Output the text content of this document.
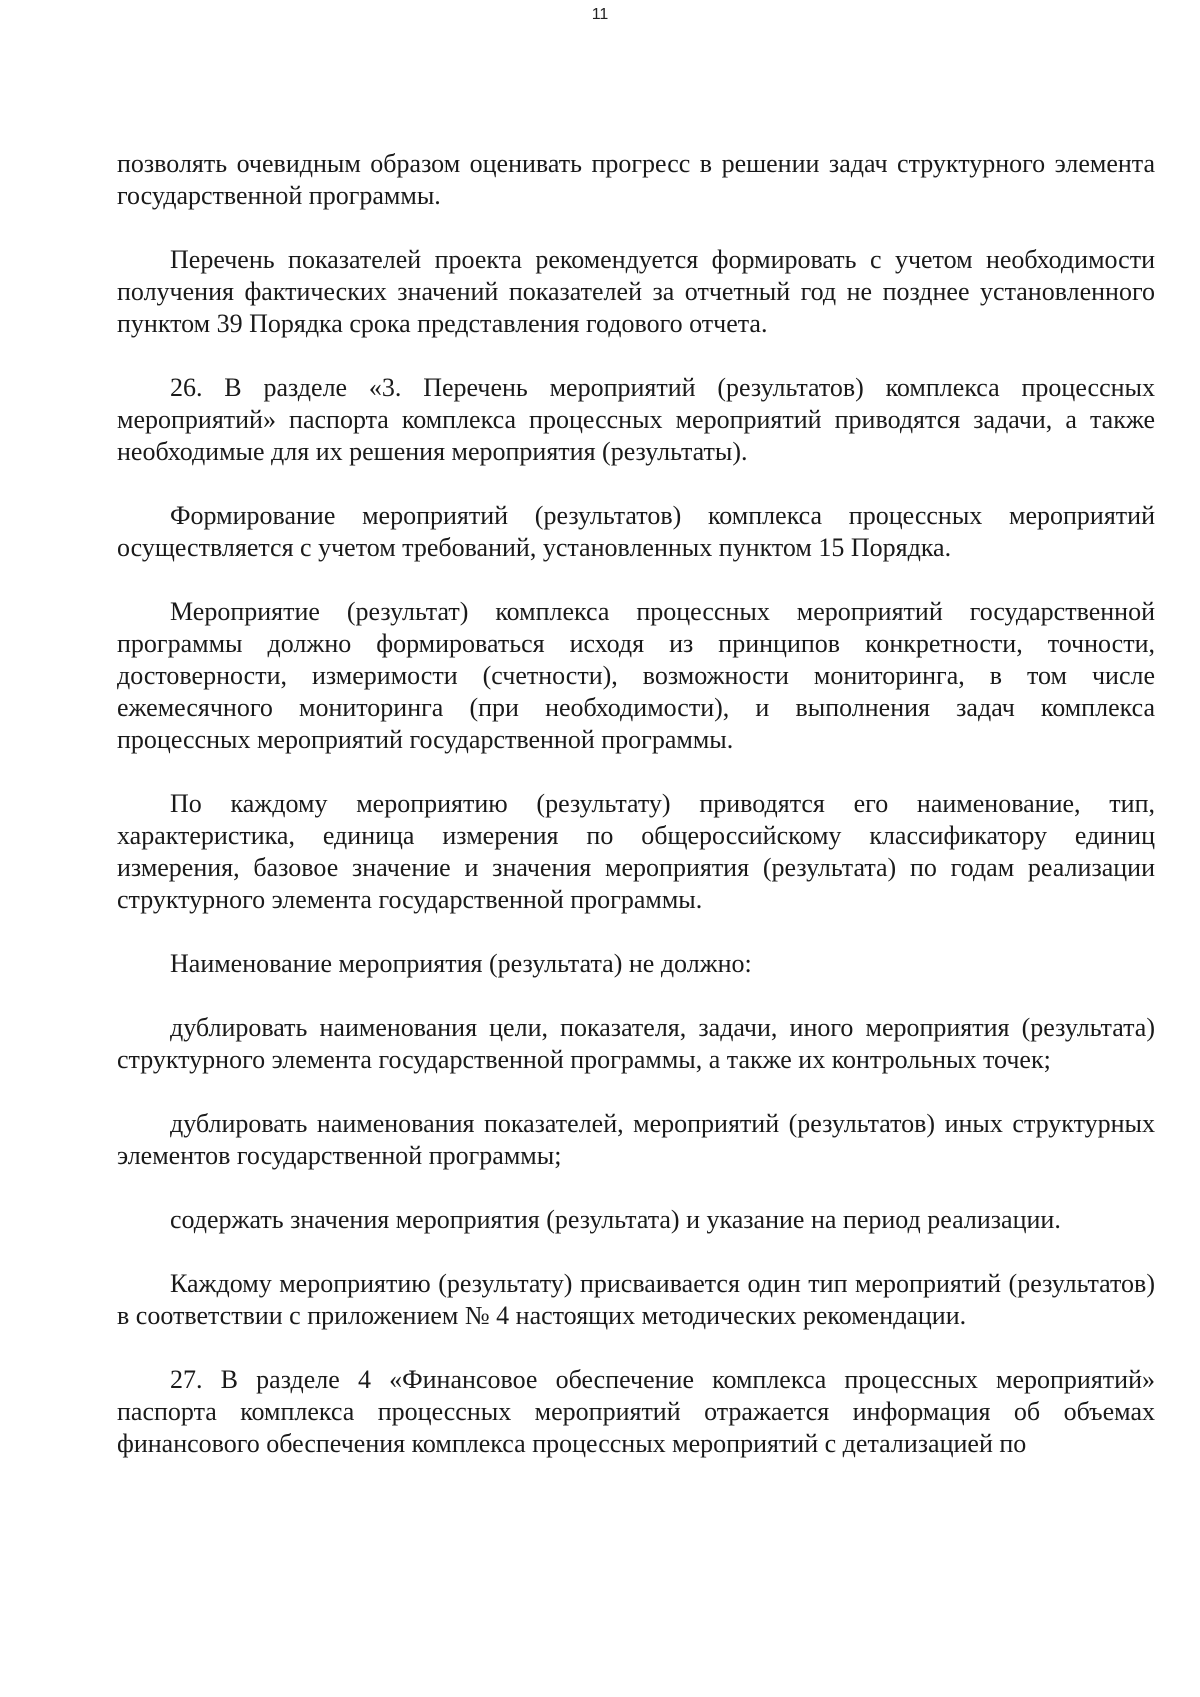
11

позволять очевидным образом оценивать прогресс в решении задач структурного элемента государственной программы.

Перечень показателей проекта рекомендуется формировать с учетом необходимости получения фактических значений показателей за отчетный год не позднее установленного пунктом 39 Порядка срока представления годового отчета.

26. В разделе «3. Перечень мероприятий (результатов) комплекса процессных мероприятий» паспорта комплекса процессных мероприятий приводятся задачи, а также необходимые для их решения мероприятия (результаты).

Формирование мероприятий (результатов) комплекса процессных мероприятий осуществляется с учетом требований, установленных пунктом 15 Порядка.

Мероприятие (результат) комплекса процессных мероприятий государственной программы должно формироваться исходя из принципов конкретности, точности, достоверности, измеримости (счетности), возможности мониторинга, в том числе ежемесячного мониторинга (при необходимости), и выполнения задач комплекса процессных мероприятий государственной программы.

По каждому мероприятию (результату) приводятся его наименование, тип, характеристика, единица измерения по общероссийскому классификатору единиц измерения, базовое значение и значения мероприятия (результата) по годам реализации структурного элемента государственной программы.

Наименование мероприятия (результата) не должно:

дублировать наименования цели, показателя, задачи, иного мероприятия (результата) структурного элемента государственной программы, а также их контрольных точек;

дублировать наименования показателей, мероприятий (результатов) иных структурных элементов государственной программы;

содержать значения мероприятия (результата) и указание на период реализации.

Каждому мероприятию (результату) присваивается один тип мероприятий (результатов) в соответствии с приложением № 4 настоящих методических рекомендации.

27. В разделе 4 «Финансовое обеспечение комплекса процессных мероприятий» паспорта комплекса процессных мероприятий отражается информация об объемах финансового обеспечения комплекса процессных мероприятий с детализацией по
